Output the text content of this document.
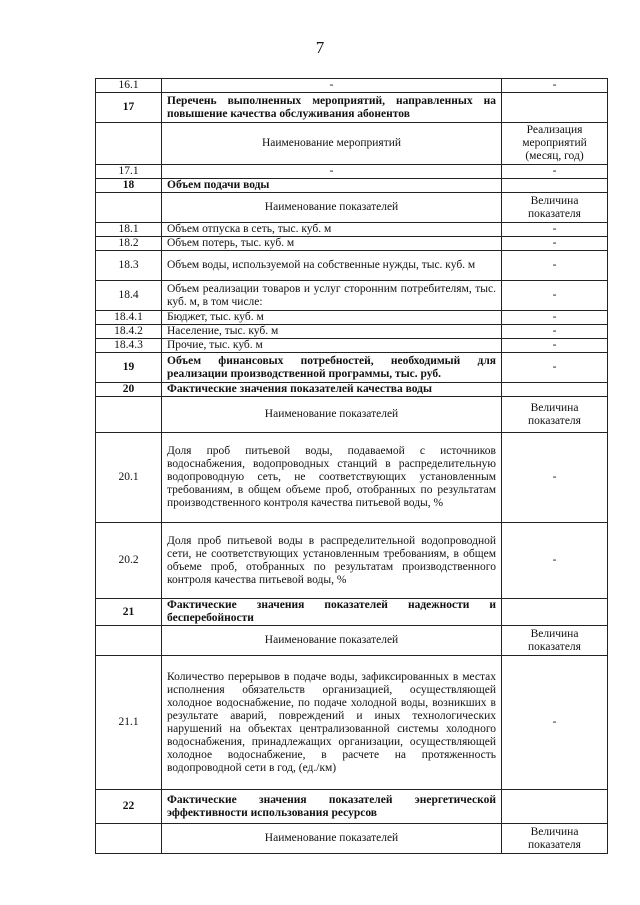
7
16.1	-	-
17	Перечень выполненных мероприятий, направленных на повышение качества обслуживания абонентов	
	Наименование мероприятий	Реализация мероприятий (месяц, год)
17.1	-	-
18	Объем подачи воды	
	Наименование показателей	Величина показателя
18.1	Объем отпуска в сеть, тыс. куб. м	-
18.2	Объем потерь, тыс. куб. м	-
18.3	Объем воды, используемой на собственные нужды, тыс. куб. м	-
18.4	Объем реализации товаров и услуг сторонним потребителям, тыс. куб. м, в том числе:	-
18.4.1	Бюджет, тыс. куб. м	-
18.4.2	Население, тыс. куб. м	-
18.4.3	Прочие, тыс. куб. м	-
19	Объем финансовых потребностей, необходимый для реализации производственной программы, тыс. руб.	-
20	Фактические значения показателей качества воды	
	Наименование показателей	Величина показателя
20.1	Доля проб питьевой воды, подаваемой с источников водоснабжения, водопроводных станций в распределительную водопроводную сеть, не соответствующих установленным требованиям, в общем объеме проб, отобранных по результатам производственного контроля качества питьевой воды, %	-
20.2	Доля проб питьевой воды в распределительной водопроводной сети, не соответствующих установленным требованиям, в общем объеме проб, отобранных по результатам производственного контроля качества питьевой воды, %	-
21	Фактические значения показателей надежности и бесперебойности	
	Наименование показателей	Величина показателя
21.1	Количество перерывов в подаче воды, зафиксированных в местах исполнения обязательств организацией, осуществляющей холодное водоснабжение, по подаче холодной воды, возникших в результате аварий, повреждений и иных технологических нарушений на объектах централизованной системы холодного водоснабжения, принадлежащих организации, осуществляющей холодное водоснабжение, в расчете на протяженность водопроводной сети в год, (ед./км)	-
22	Фактические значения показателей энергетической эффективности использования ресурсов	
	Наименование показателей	Величина показателя
